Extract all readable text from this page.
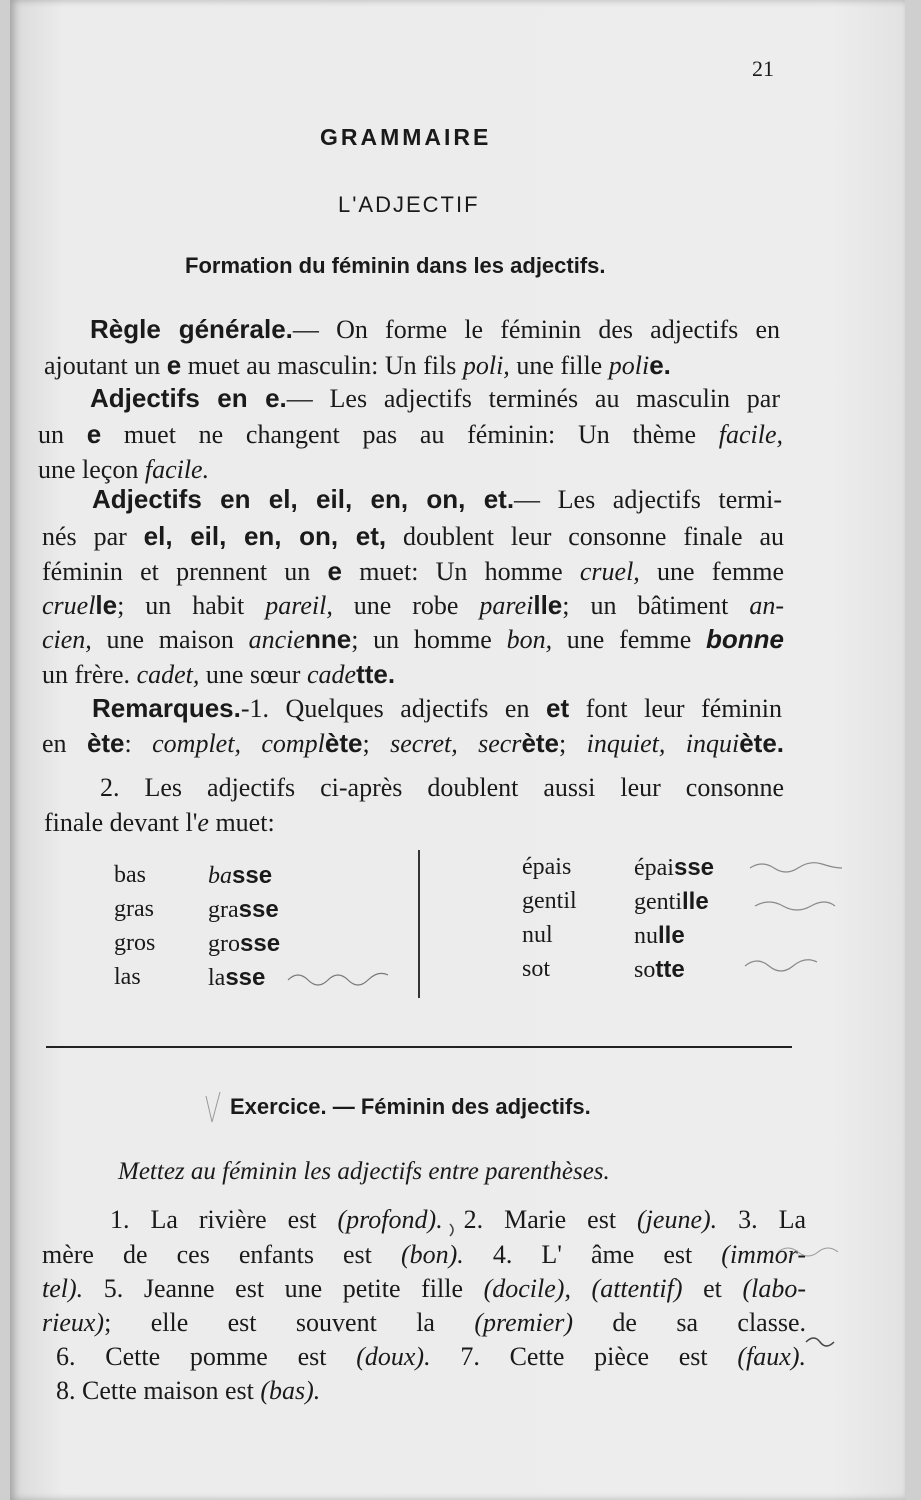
21
GRAMMAIRE
L'ADJECTIF
Formation du féminin dans les adjectifs.
Règle générale.— On forme le féminin des adjectifs en
ajoutant un e muet au masculin: Un fils poli, une fille polie.
Adjectifs en e.— Les adjectifs terminés au masculin par
un e muet ne changent pas au féminin: Un thème facile,
une leçon facile.
Adjectifs en el, eil, en, on, et.— Les adjectifs termi-
nés par el, eil, en, on, et, doublent leur consonne finale au
féminin et prennent un e muet: Un homme cruel, une femme
cruelle; un habit pareil, une robe pareille; un bâtiment an-
cien, une maison ancienne; un homme bon, une femme bonne
un frère. cadet, une sœur cadette.
Remarques.-1. Quelques adjectifs en et font leur féminin
en ète: complet, complète; secret, secrète; inquiet, inquiète.
2. Les adjectifs ci-après doublent aussi leur consonne
finale devant l'e muet:
bas
gras
gros
las
basse
grasse
grosse
lasse
épais
gentil
nul
sot
épaisse
gentille
nulle
sotte
Exercice. — Féminin des adjectifs.
Mettez au féminin les adjectifs entre parenthèses.
1. La rivière est (profond). 2. Marie est (jeune). 3. La
mère de ces enfants est (bon). 4. L' âme est (immor-
tel). 5. Jeanne est une petite fille (docile), (attentif) et (labo-
rieux); elle est souvent la (premier) de sa classe.
6. Cette pomme est (doux). 7. Cette pièce est (faux).
8. Cette maison est (bas).
